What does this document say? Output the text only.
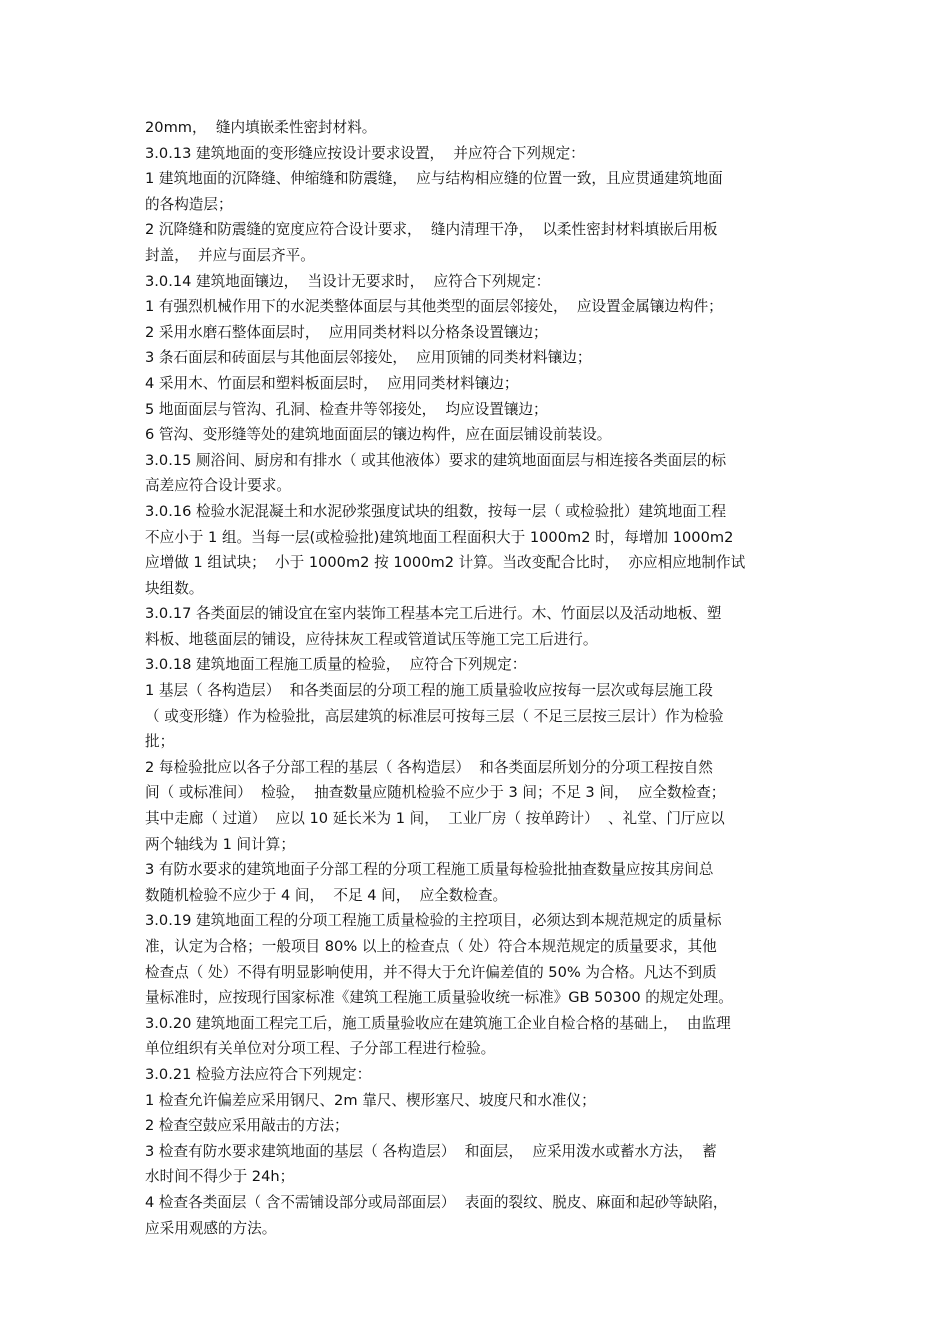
20mm，  缝内填嵌柔性密封材料。
3.0.13 建筑地面的变形缝应按设计要求设置，  并应符合下列规定：
1 建筑地面的沉降缝、伸缩缝和防震缝，  应与结构相应缝的位置一致，且应贯通建筑地面
的各构造层；
2 沉降缝和防震缝的宽度应符合设计要求，  缝内清理干净，  以柔性密封材料填嵌后用板
封盖，  并应与面层齐平。
3.0.14 建筑地面镶边，  当设计无要求时，  应符合下列规定：
1 有强烈机械作用下的水泥类整体面层与其他类型的面层邻接处，  应设置金属镶边构件；
2 采用水磨石整体面层时，  应用同类材料以分格条设置镶边；
3 条石面层和砖面层与其他面层邻接处，  应用顶铺的同类材料镶边；
4 采用木、竹面层和塑料板面层时，  应用同类材料镶边；
5 地面面层与管沟、孔洞、检查井等邻接处，  均应设置镶边；
6 管沟、变形缝等处的建筑地面面层的镶边构件，应在面层铺设前装设。
3.0.15 厕浴间、厨房和有排水（ 或其他液体）要求的建筑地面面层与相连接各类面层的标
高差应符合设计要求。
3.0.16 检验水泥混凝土和水泥砂浆强度试块的组数，按每一层（ 或检验批）建筑地面工程
不应小于 1 组。当每一层(或检验批)建筑地面工程面积大于 1000m2 时，每增加 1000m2
应增做 1 组试块；  小于 1000m2 按 1000m2 计算。当改变配合比时，  亦应相应地制作试
块组数。
3.0.17 各类面层的铺设宜在室内装饰工程基本完工后进行。木、竹面层以及活动地板、塑
料板、地毯面层的铺设，应待抹灰工程或管道试压等施工完工后进行。
3.0.18 建筑地面工程施工质量的检验，  应符合下列规定：
1 基层（ 各构造层）  和各类面层的分项工程的施工质量验收应按每一层次或每层施工段
（ 或变形缝）作为检验批，高层建筑的标准层可按每三层（ 不足三层按三层计）作为检验
批；
2 每检验批应以各子分部工程的基层（ 各构造层）  和各类面层所划分的分项工程按自然
间（ 或标准间）  检验，  抽查数量应随机检验不应少于 3 间；不足 3 间，  应全数检查；
其中走廊（ 过道）  应以 10 延长米为 1 间，  工业厂房（ 按单跨计）  、礼堂、门厅应以
两个轴线为 1 间计算；
3 有防水要求的建筑地面子分部工程的分项工程施工质量每检验批抽查数量应按其房间总
数随机检验不应少于 4 间，  不足 4 间，  应全数检查。
3.0.19 建筑地面工程的分项工程施工质量检验的主控项目，必须达到本规范规定的质量标
准，认定为合格；一般项目 80% 以上的检查点（ 处）符合本规范规定的质量要求，其他
检查点（ 处）不得有明显影响使用，并不得大于允许偏差值的 50% 为合格。凡达不到质
量标准时，应按现行国家标准《建筑工程施工质量验收统一标准》GB 50300 的规定处理。
3.0.20 建筑地面工程完工后，施工质量验收应在建筑施工企业自检合格的基础上，  由监理
单位组织有关单位对分项工程、子分部工程进行检验。
3.0.21 检验方法应符合下列规定：
1 检查允许偏差应采用钢尺、2m 靠尺、楔形塞尺、坡度尺和水准仪；
2 检查空鼓应采用敲击的方法；
3 检查有防水要求建筑地面的基层（ 各构造层）  和面层，  应采用泼水或蓄水方法，  蓄
水时间不得少于 24h；
4 检查各类面层（ 含不需铺设部分或局部面层）  表面的裂纹、脱皮、麻面和起砂等缺陷，
应采用观感的方法。
